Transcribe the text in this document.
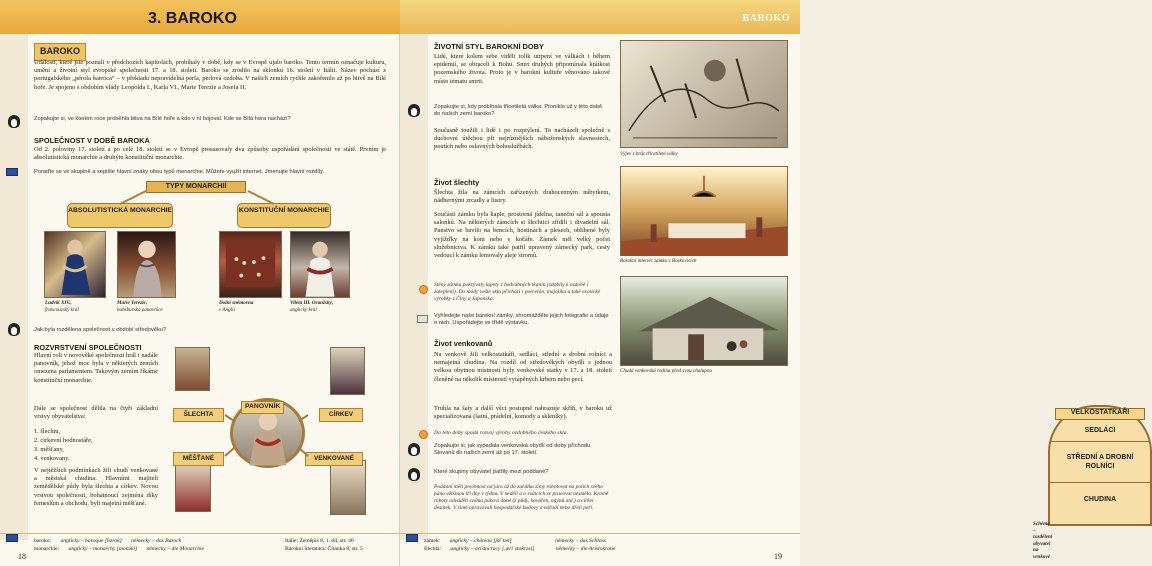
3. BAROKO
BAROKO
Události, které jste poznali v předchozích kapitolách, probíhaly v době, kdy se v Evropě ujalo baroko. Tento termín označuje kulturu, umění a životní styl evropské společnosti 17. a 18. století. Baroko se zrodilo na sklonku 16. století v Itálii. Název pochází z portugalského „pérola barroca“ – v překladu nepravidelná perla, perlová ozdoba. V našich zemích rychle zakořenilo až po bitvě na Bílé hoře. Je spojeno s obdobím vlády Leopolda I., Karla VI., Marie Terezie a Josefa II.
Zopakujte si, ve kterém roce proběhla bitva na Bílé hoře a kdo v ní bojoval. Kde se Bílá hora nachází?
SPOLEČNOST V DOBĚ BAROKA
Od 2. poloviny 17. století a po celé 18. století se v Evropě prosazovaly dva způsoby uspořádání společnosti ve státě. Prvním je absolutistická monarchie a druhým konstituční monarchie.
Poraďte se ve skupině a sepište hlavní znaky obou typů monarchie. Můžete využít internet. Jmenujte hlavní rozdíly.
TYPY MONARCHIÍ
ABSOLUTISTICKÁ MONARCHIE	KONSTITUČNÍ MONARCHIE
Ludvík XIV.,
francouzský král
Marie Terezie,
habsburská panovnice
Dolní sněmovna
v Anglii
Vilém III. Oranžský,
anglický král
Jak byla rozdělena společnost v období středověku?
ROZVRSTVENÍ SPOLEČNOSTI
Hlavní roli v novověké společnosti hrál i nadále panovník, jehož moc byla v některých zemích omezena parlamentem. Takovým zemím říkáme konstituční monarchie.
Dále se společnost dělila na čtyři základní vrstvy obyvatelstva:
1. šlechtu,
2. církevní hodnostáře,
3. měšťany,
4. venkovany.
V nejtěžších podmínkách žili chudí venkované a městská chudina. Hlavními majiteli zemědělské půdy byla šlechta a církev. Novou vrstvou společnosti, bohatnoucí zejména díky řemeslům a obchodu, byli majetní měšťané.
PANOVNÍK
ŠLECHTA	CÍRKEV
MĚŠŤANÉ	VENKOVANÉ
baroko: anglicky – baroque [bərok] německy – das Barock
monarchie: anglicky – monarchy [monəki] německy – die Monarchie
Italie: Zeměpis 8, 1. díl, str. 46
Barokní literatura: Čítanka 8, str. 5
18
BAROKO
ŽIVOTNÍ STYL BAROKNÍ DOBY
Lidé, které kolem sebe viděli tolik utrpení ve válkách i během epidemií, se obraceli k Bohu. Smrt druhých připomínala krátkost pozemského života. Proto je v barokní kultuře věnováno takové místo tématu smrti.
Zopakujte si, kdy probíhala třicetiletá válka. Proniklo už v této době do našich zemí baroko?
Současně toužili i lidé i po rozptýlení. To nacházeli společně s duchovní útěchou při nejrůznějších náboženských slavnostech, poutích nebo oslavných bohoslužbách.
Výjev z hrůz třicetileté války
Život šlechty
Šlechta žila na zámcích zařízených drahocenným nábytkem, nádhernými zrcadly a lustry.
Součástí zámku byla kaple, prostorná jídelna, taneční sál a spousta salonků. Na některých zámcích si šlechtici zřídili i divadelní sál. Panstvo se bavilo na bencích, hostinách a plesech, oblíbené byly vyjížďky na koni nebo v kočáře. Zámek měl velký počet služebnictva. K zámku také patřil upravený zámecký park, cesty vedoucí k zámku lemovaly aleje stromů.
Barokní interiér zámku v Boskovicích
Stěny zámku pokrývaly tapety z hedvábných tkanin (zdobily k ozdobě i zateplení). Do módy vešle skla přicházi i porcelán, majolika a také exotické výrobky z Číny a Japonska.
Vyhledejte naše barokní zámky, shromážděte jejich fotografie a údaje o nich. Uspořádejte ve třídě výstavku.
Život venkovanů
Na venkově žili velkostatkáři, sedláci, střední a drobní rolníci a nemajetná chudina. Na rozdíl od středověkých obydlí s jednou velkou obytnou místností byly venkovské statky v 17. a 18. století členěné na několik místností vytápěných krbem nebo pecí.
Truhla na šaty a další věci postupně nahrazuje skříň, v baroku už specializovaná (šatní, prádelní, komody a skleníky).
Chudá venkovská rodina před svou chalupou
Do této doby spadá rozvoj výroby ozdobného českého skla.
Zopakujte si, jak vypadala venkovská obydlí od doby příchodu Slovanů do našich zemí až po 17. století.
Které skupiny obyvatel patřily mezi poddané?
Poddaní měli povinnost od jara až do začátku zimy robotovat na polích svého pána většinou tři dny v týdnu. V neděli a o svátcích se pracovat nesmělo. Kromě roboty odváděli svému pánovi daně (z půdy, kovářen, mlýnů atd.) a církvi desátek. V zimě opravovali hospodářské budovy a nářadí nebo dřeli peří.
VELKOSTATKÁŘI
SEDLÁCI
STŘEDNÍ A DROBNÍ ROLNÍCI
CHUDINA
Schéma – rozdělení obyvatel na venkově
zámek: anglicky – château [ʃæˈtəʊ]	německy – das Schloss
šlechta: anglicky – aristocracy [,æriˈstokrəsi]	německy – die Aristokratie
19
